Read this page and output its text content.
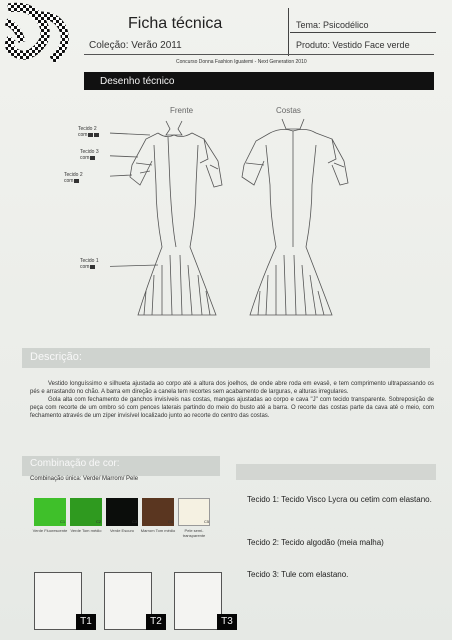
Ficha técnica
Coleção: Verão 2011
Tema: Psicodélico
Produto: Vestido Face verde
Concurso Donna Fashion Iguatemi - Next Generation 2010
Desenho técnico
Frente	Costas
Tecido 2
com
Tecido 3
com
Tecido 2
com
Tecido 1
com
Descrição:

Vestido longuíssimo e silhueta ajustada ao corpo até a altura dos joelhos, de onde abre roda em evasê, e tem comprimento ultrapassando os pés e arrastando no chão. A barra em direção a canela tem recortes sem acabamento de larguras, e alturas irregulares.

Gola alta com fechamento de ganchos invisíveis nas costas, mangas ajustadas ao corpo e cava "J" com tecido transparente. Sobreposição de peça com recorte de um ombro só com pences laterais partindo do meio do busto até a barra. O recorte das costas parte da cava até o meio, com fechamento através de um zíper invisível localizado junto ao recorte do centro das costas.

Combinação de cor:
Combinação única: Verde/ Marrom/ Pele
C1	C2	C3	C4	C5
Verde Fluorescente Verde Tom médio	Verde Escuro	Marrom Tom médio	Pele semi-transparente
Tecido 1: Tecido Visco Lycra ou cetim com elastano.
Tecido 2: Tecido algodão (meia malha)
Tecido 3: Tule com elastano.
T1	T2	T3
